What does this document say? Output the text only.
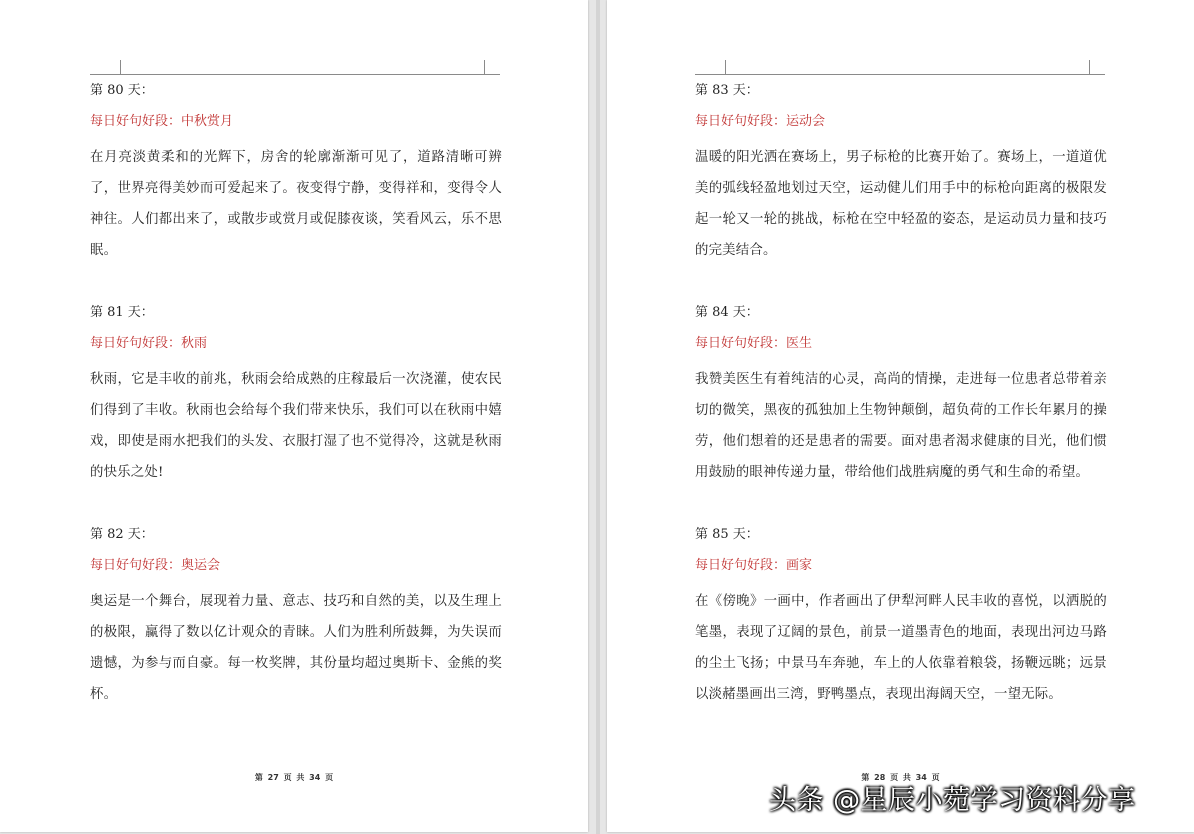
第 80 天：

每日好句好段：中秋赏月

在月亮淡黄柔和的光辉下，房舍的轮廓渐渐可见了，道路清晰可辨了，世界亮得美妙而可爱起来了。夜变得宁静，变得祥和，变得令人神往。人们都出来了，或散步或赏月或促膝夜谈，笑看风云，乐不思眠。

第 81 天：

每日好句好段：秋雨

秋雨，它是丰收的前兆，秋雨会给成熟的庄稼最后一次浇灌，使农民们得到了丰收。秋雨也会给每个我们带来快乐，我们可以在秋雨中嬉戏，即使是雨水把我们的头发、衣服打湿了也不觉得冷，这就是秋雨的快乐之处!

第 82 天：

每日好句好段：奥运会

奥运是一个舞台，展现着力量、意志、技巧和自然的美，以及生理上的极限，赢得了数以亿计观众的青睐。人们为胜利所鼓舞，为失误而遗憾，为参与而自豪。每一枚奖牌，其份量均超过奥斯卡、金熊的奖杯。

第 27 页 共 34 页

第 83 天：

每日好句好段：运动会

温暖的阳光洒在赛场上，男子标枪的比赛开始了。赛场上，一道道优美的弧线轻盈地划过天空，运动健儿们用手中的标枪向距离的极限发起一轮又一轮的挑战，标枪在空中轻盈的姿态，是运动员力量和技巧的完美结合。

第 84 天：

每日好句好段：医生

我赞美医生有着纯洁的心灵，高尚的情操，走进每一位患者总带着亲切的微笑，黑夜的孤独加上生物钟颠倒，超负荷的工作长年累月的操劳，他们想着的还是患者的需要。面对患者渴求健康的目光，他们惯用鼓励的眼神传递力量，带给他们战胜病魔的勇气和生命的希望。

第 85 天：

每日好句好段：画家

在《傍晚》一画中，作者画出了伊犁河畔人民丰收的喜悦，以洒脱的笔墨，表现了辽阔的景色，前景一道墨青色的地面，表现出河边马路的尘土飞扬；中景马车奔驰，车上的人依靠着粮袋，扬鞭远眺；远景以淡赭墨画出三湾，野鸭墨点，表现出海阔天空，一望无际。

第 28 页 共 34 页
头条 @星辰小菀学习资料分享
